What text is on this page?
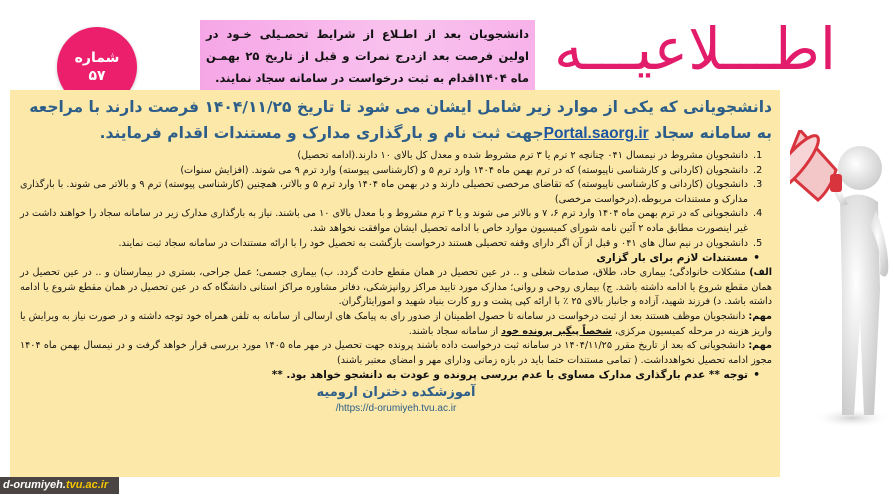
شماره
۵۷
دانشجویان بعد از اطـلاع از شرایط تحصـیلی خـود در اولین فرصت بعد ازدرج نمرات و قبل از تاریخ ۲۵ بهمـن ماه ۱۴۰۴اقدام به ثبت درخواست در سامانه سجاد نمایند. اطـــلاعیـــه
دانشجویانی که یکی از موارد زیر شامل ایشان می شود تا تاریخ ۱۴۰۴/۱۱/۲۵ فرصت دارند با مراجعه به سامانه سجاد Portal.saorg.irجهت ثبت نام و بارگذاری مدارک و مستندات اقدام فرمایند.
1. دانشجویان مشروط در نیمسال ۰۴۱ چنانچه ۲ ترم یا ۳ ترم مشروط شده و معدل کل بالای ۱۰ دارند.(ادامه تحصیل)
2. دانشجویان (کاردانی و کارشناسی ناپیوسته) که در ترم بهمن ماه ۱۴۰۴ وارد ترم ۵ و (کارشناسی پیوسته) وارد ترم ۹ می شوند. (افزایش سنوات)
3. دانشجویان (کاردانی و کارشناسی ناپیوسته) که تقاضای مرخصی تحصیلی دارند و در بهمن ماه ۱۴۰۴ وارد ترم ۵ و بالاتر، همچنین (کارشناسی پیوسته) ترم ۹ و بالاتر می شوند. با بارگذاری مدارک و مستندات مربوطه.(درخواست مرخصی)
4. دانشجویانی که در ترم بهمن ماه ۱۴۰۴ وارد ترم ۶، ۷ و بالاتر می شوند و یا ۳ ترم مشروط و با معدل بالای ۱۰ می باشند. نیاز به بارگذاری مدارک زیر در سامانه سجاد را خواهند داشت در غیر اینصورت مطابق ماده ۲ آئین نامه شورای کمیسیون موارد خاص با ادامه تحصیل ایشان موافقت نخواهد شد.
5. دانشجویان در نیم سال های ۰۴۱ و قبل از آن اگر دارای وقفه تحصیلی هستند درخواست بازگشت به تحصیل خود را با ارائه مستندات در سامانه سجاد ثبت نمایند.
•
مستندات لازم برای بار گزاری
الف) مشکلات خانوادگی؛ بیماری حاد، طلاق، صدمات شغلی و .. در عین تحصیل در همان مقطع حادث گردد. ب) بیماری جسمی؛ عمل جراحی، بستری در بیمارستان و .. در عین تحصیل در همان مقطع شروع یا ادامه داشته باشد. ج) بیماری روحی و روانی؛ مدارک مورد تایید مراکز روانپزشکی، دفاتر مشاوره مراکز استانی دانشگاه که در عین تحصیل در همان مقطع شروع یا ادامه داشته باشد. د) فرزند شهید، آزاده و جانباز بالای ۲۵ ٪ با ارائه کپی پشت و رو کارت بنیاد شهید و امورایثارگران.
مهم: دانشجویان موظف هستند بعد از ثبت درخواست در سامانه تا حصول اطمینان از صدور رای به پیامک های ارسالی از سامانه به تلفن همراه خود توجه داشته و در صورت نیاز به ویرایش یا واریز هزینه در مرحله کمیسیون مرکزی، شخصاً پیگیر پرونده خود از سامانه سجاد باشند.
مهم: دانشجویانی که بعد از تاریخ مقرر ۱۴۰۴/۱۱/۲۵ در سامانه ثبت درخواست داده باشند پرونده جهت تحصیل در مهر ماه ۱۴۰۵ مورد بررسی قرار خواهد گرفت و در نیمسال بهمن ماه ۱۴۰۴ مجوز ادامه تحصیل نخواهدداشت. ( تمامی مستندات حتما باید در بازه زمانی ودارای مهر و امضای معتبر باشند)
•
توجه ** عدم بارگذاری مدارک مساوی با عدم بررسی پرونده و عودت به دانشجو خواهد بود. **
آموزشکده دختران ارومیه
https://d-orumiyeh.tvu.ac.ir/
d-orumiyeh.tvu.ac.ir
